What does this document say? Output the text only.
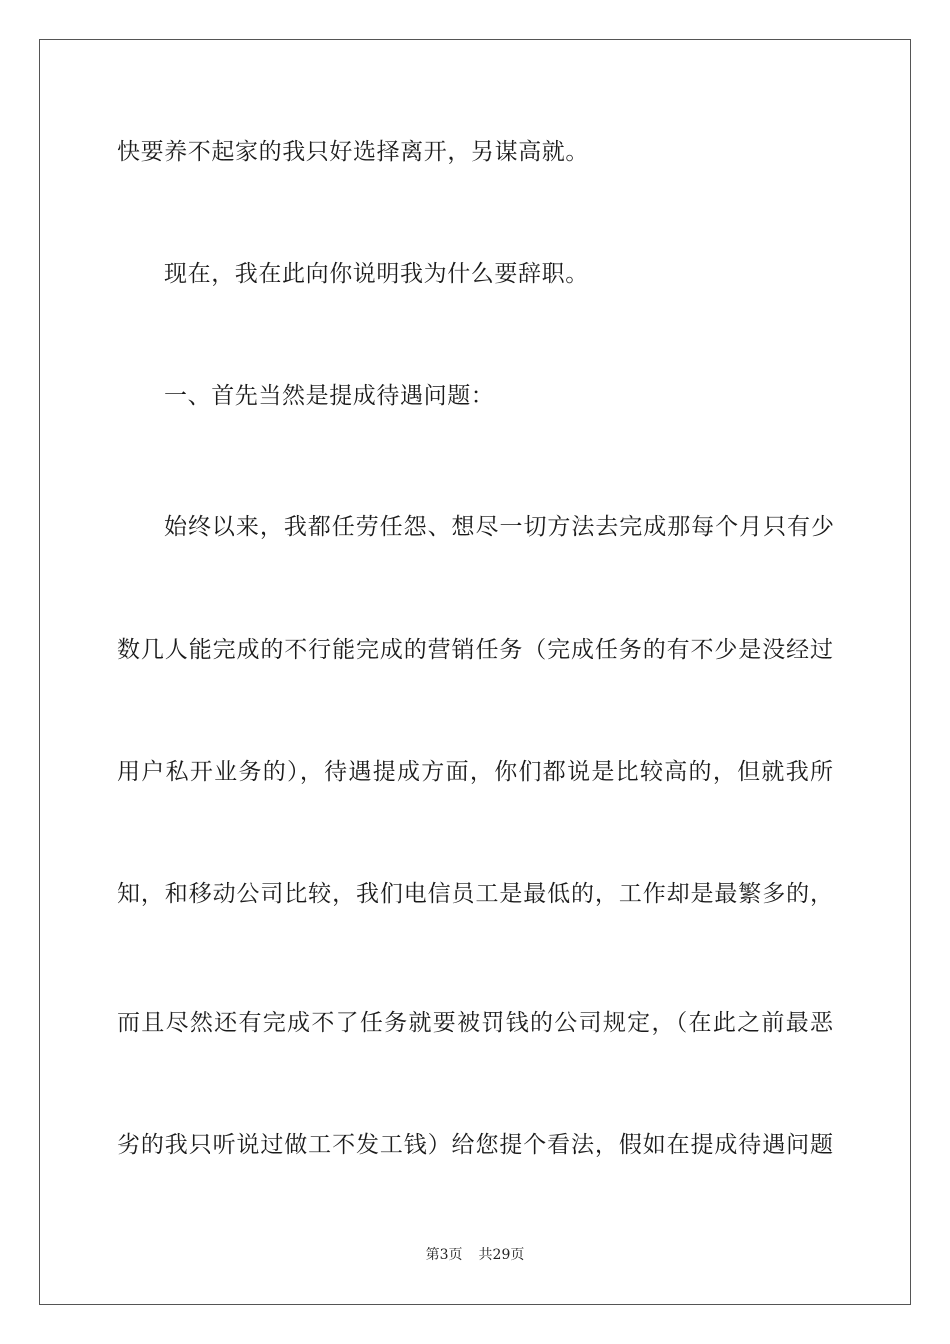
快要养不起家的我只好选择离开，另谋高就。
现在，我在此向你说明我为什么要辞职。
一、首先当然是提成待遇问题：
始终以来，我都任劳任怨、想尽一切方法去完成那每个月只有少
数几人能完成的不行能完成的营销任务（完成任务的有不少是没经过
用户私开业务的），待遇提成方面，你们都说是比较高的，但就我所
知，和移动公司比较，我们电信员工是最低的，工作却是最繁多的，
而且尽然还有完成不了任务就要被罚钱的公司规定，（在此之前最恶
劣的我只听说过做工不发工钱）给您提个看法，假如在提成待遇问题
第3页 共29页
